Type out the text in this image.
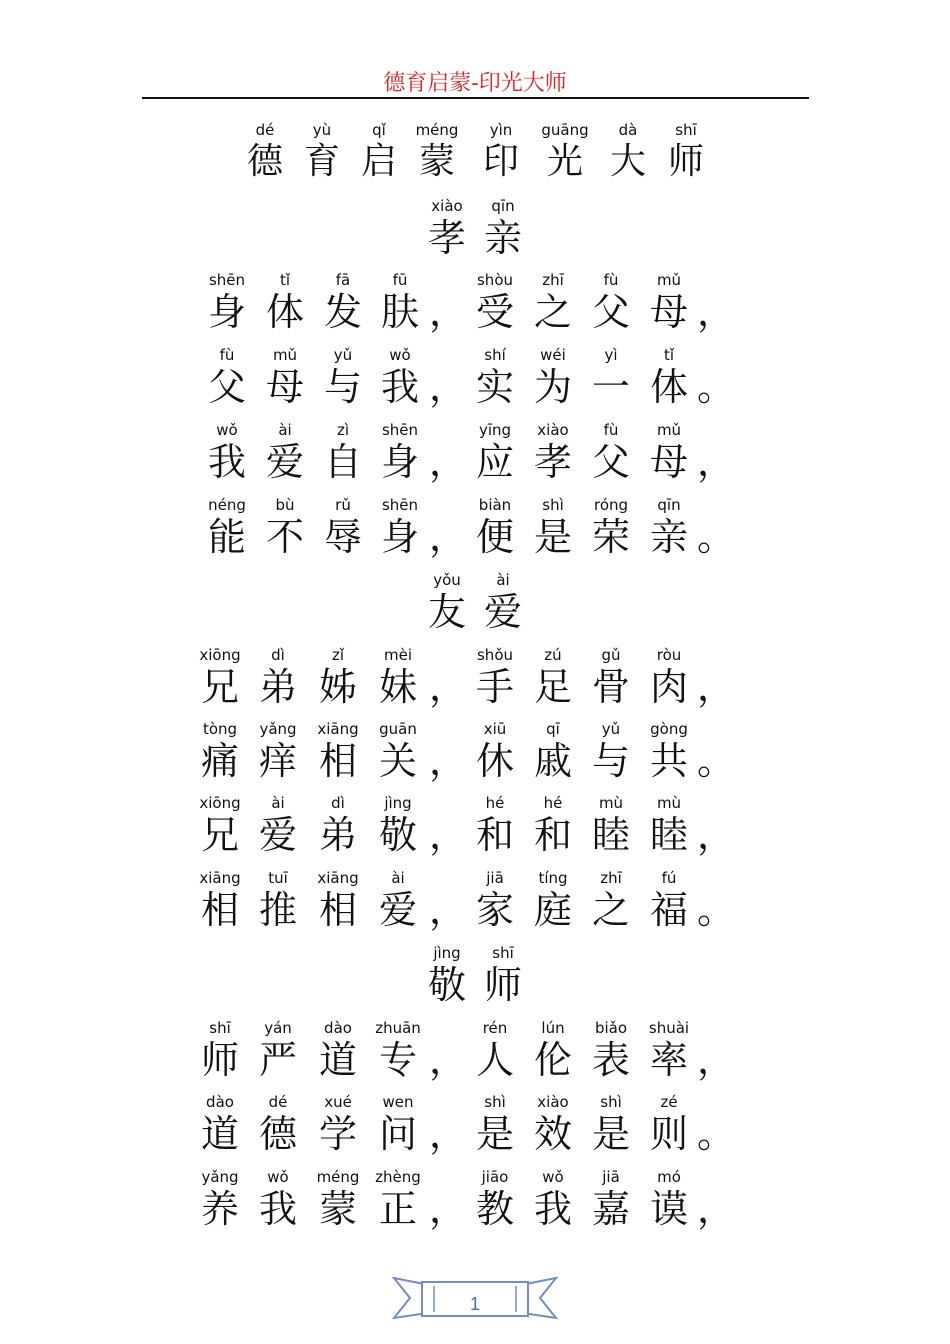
德育启蒙-印光大师
dé	yù	qǐ méng yìn guāng dà	shī
德 育 启 蒙 印 光 大 师
xiào qīn
孝 亲
shēn tǐ	fā	fū	shòu zhī	fù	mǔ
身 体 发 肤 ， 受 之 父 母 ，
fù	mǔ yǔ wǒ	shí wéi	yì	tǐ
父 母 与 我 ， 实 为 一 体 。
wǒ	ài	zì shēn	yīng xiào fù	mǔ
我 爱 自 身 ， 应 孝 父 母 ，
néng bù	rǔ shēn	biàn shì róng qīn
能 不 辱 身 ， 便 是 荣 亲 。
yǒu ài
友 爱
xiōng dì	zǐ	mèi	shǒu zú	gǔ ròu
兄 弟 姊 妹 ， 手 足 骨 肉 ，
tòng yǎng xiāng guān	xiū	qī	yǔ gòng
痛 痒 相 关 ， 休 戚 与 共 。
xiōng ài	dì	jìng	hé	hé mù mù
兄 爱 弟 敬 ， 和 和 睦 睦 ，
xiāng tuī xiāng ài	jiā tíng zhī	fú
相 推 相 爱 ， 家 庭 之 福 。
jìng shī
敬 师
shī yán dào zhuān	rén lún biǎo shuài
师 严 道 专 ， 人 伦 表 率 ，
dào dé xué wen	shì xiào shì	zé
道 德 学 问 ， 是 效 是 则 。
yǎng wǒ méng zhèng	jiāo wǒ	jiā mó
养 我 蒙 正 ， 教 我 嘉 谟 ，
1
